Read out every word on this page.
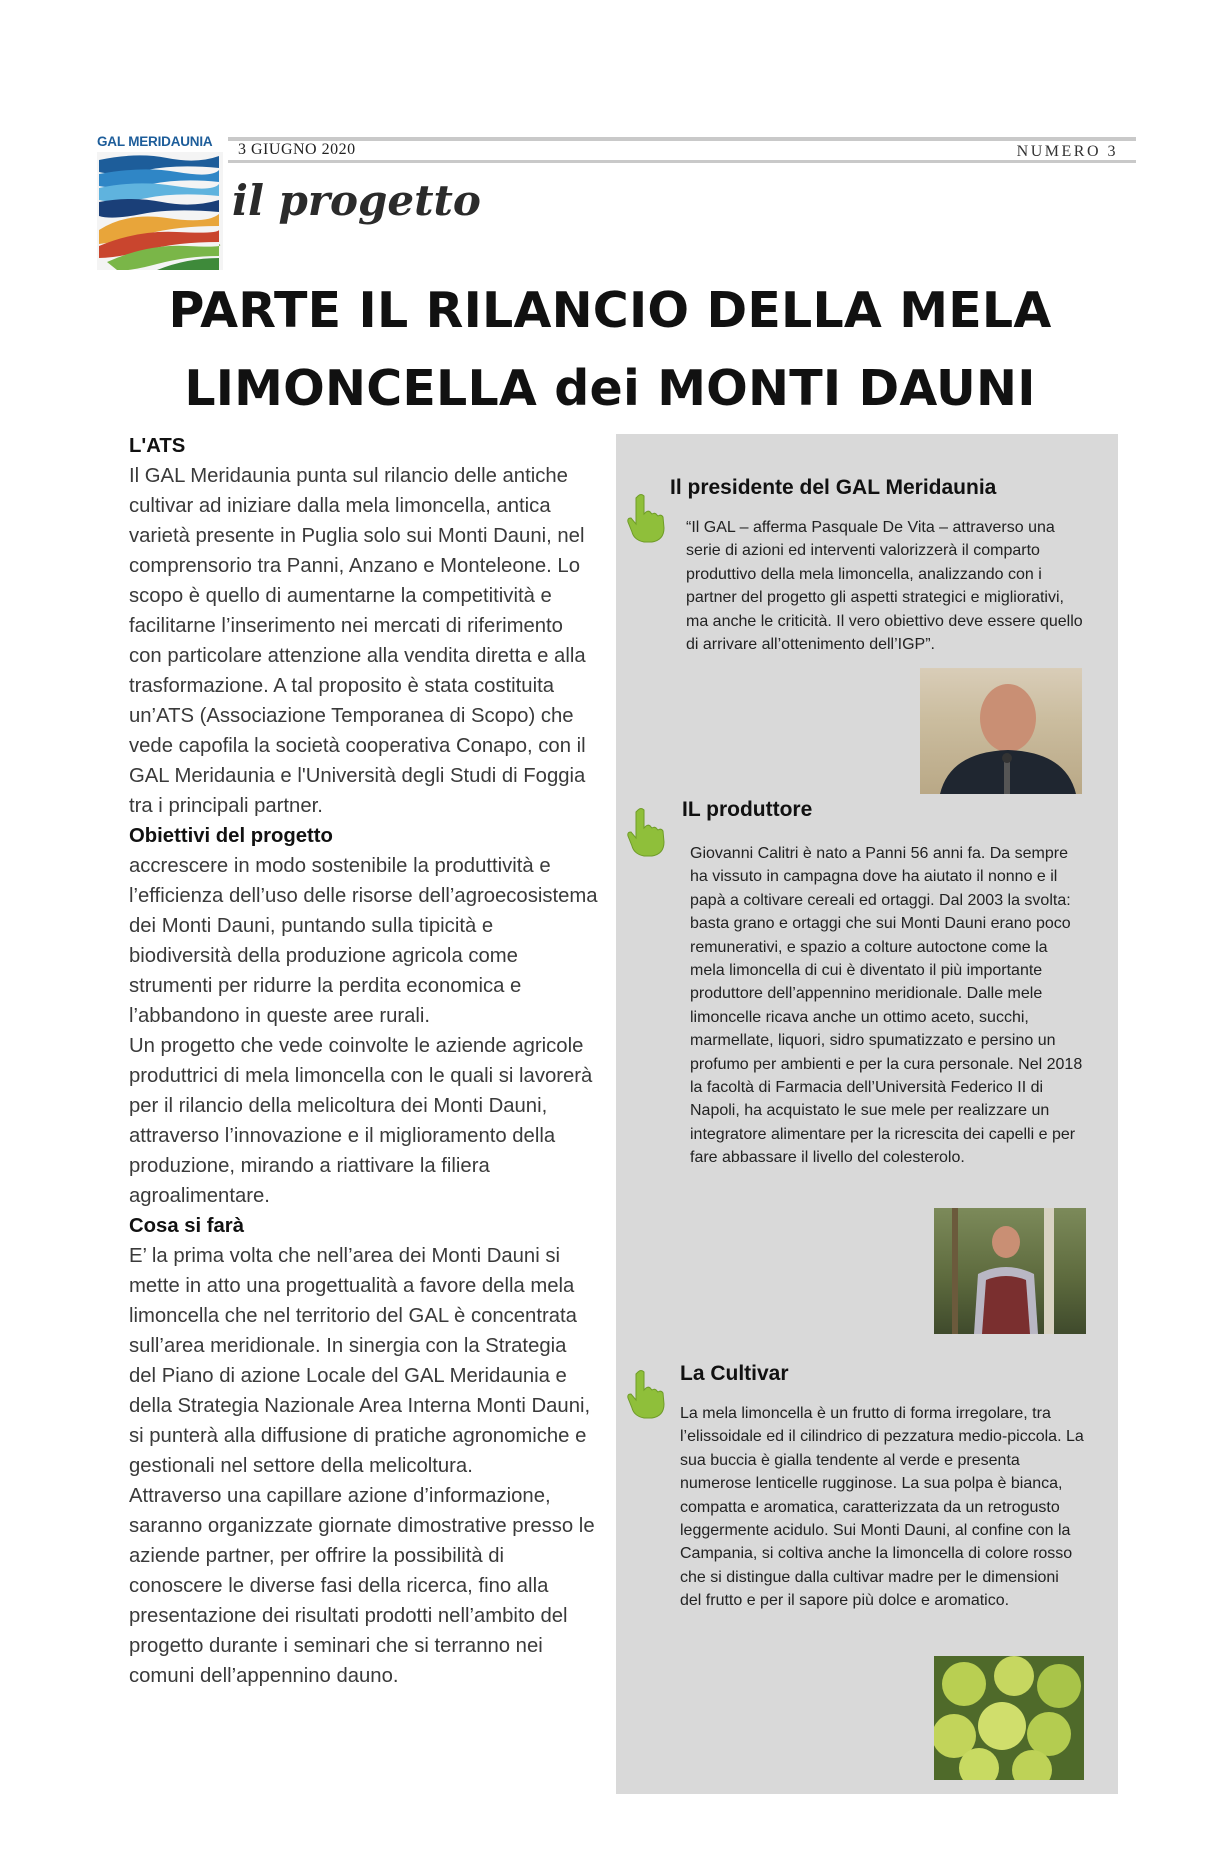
GAL MERIDAUNIA 3 GIUGNO 2020	NUMERO 3
il progetto
PARTE IL RILANCIO DELLA MELA
LIMONCELLA dei MONTI DAUNI

L'ATS

Il GAL Meridaunia punta sul rilancio delle antiche cultivar ad iniziare dalla mela limoncella, antica varietà presente in Puglia solo sui Monti Dauni, nel comprensorio tra Panni, Anzano e Monteleone. Lo scopo è quello di aumentarne la competitività e facilitarne l’inserimento nei mercati di riferimento con particolare attenzione alla vendita diretta e alla trasformazione. A tal proposito è stata costituita un’ATS (Associazione Temporanea di Scopo) che vede capofila la società cooperativa Conapo, con il GAL Meridaunia e l'Università degli Studi di Foggia tra i principali partner.

Obiettivi del progetto

accrescere in modo sostenibile la produttività e l’efficienza dell’uso delle risorse dell’agroecosistema dei Monti Dauni, puntando sulla tipicità e biodiversità della produzione agricola come strumenti per ridurre la perdita economica e l’abbandono in queste aree rurali.

Un progetto che vede coinvolte le aziende agricole produttrici di mela limoncella con le quali si lavorerà per il rilancio della melicoltura dei Monti Dauni, attraverso l’innovazione e il miglioramento della produzione, mirando a riattivare la filiera agroalimentare.

Cosa si farà

E’ la prima volta che nell’area dei Monti Dauni si mette in atto una progettualità a favore della mela limoncella che nel territorio del GAL è concentrata sull’area meridionale. In sinergia con la Strategia del Piano di azione Locale del GAL Meridaunia e della Strategia Nazionale Area Interna Monti Dauni, si punterà alla diffusione di pratiche agronomiche e gestionali nel settore della melicoltura.

Attraverso una capillare azione d’informazione, saranno organizzate giornate dimostrative presso le aziende partner, per offrire la possibilità di conoscere le diverse fasi della ricerca, fino alla presentazione dei risultati prodotti nell’ambito del progetto durante i seminari che si terranno nei comuni dell’appennino dauno.

Il presidente del GAL Meridaunia
“Il GAL – afferma Pasquale De Vita – attraverso una serie di azioni ed interventi valorizzerà il comparto produttivo della mela limoncella, analizzando con i partner del progetto gli aspetti strategici e migliorativi, ma anche le criticità. Il vero obiettivo deve essere quello di arrivare all’ottenimento dell’IGP”.
IL produttore
Giovanni Calitri è nato a Panni 56 anni fa. Da sempre ha vissuto in campagna dove ha aiutato il nonno e il papà a coltivare cereali ed ortaggi. Dal 2003 la svolta: basta grano e ortaggi che sui Monti Dauni erano poco remunerativi, e spazio a colture autoctone come la mela limoncella di cui è diventato il più importante produttore dell’appennino meridionale. Dalle mele limoncelle ricava anche un ottimo aceto, succhi, marmellate, liquori, sidro spumatizzato e persino un profumo per ambienti e per la cura personale. Nel 2018 la facoltà di Farmacia dell’Università Federico II di Napoli, ha acquistato le sue mele per realizzare un integratore alimentare per la ricrescita dei capelli e per fare abbassare il livello del colesterolo.
La Cultivar
La mela limoncella è un frutto di forma irregolare, tra l’elissoidale ed il cilindrico di pezzatura medio-piccola. La sua buccia è gialla tendente al verde e presenta numerose lenticelle rugginose. La sua polpa è bianca, compatta e aromatica, caratterizzata da un retrogusto leggermente acidulo. Sui Monti Dauni, al confine con la Campania, si coltiva anche la limoncella di colore rosso che si distingue dalla cultivar madre per le dimensioni del frutto e per il sapore più dolce e aromatico.
